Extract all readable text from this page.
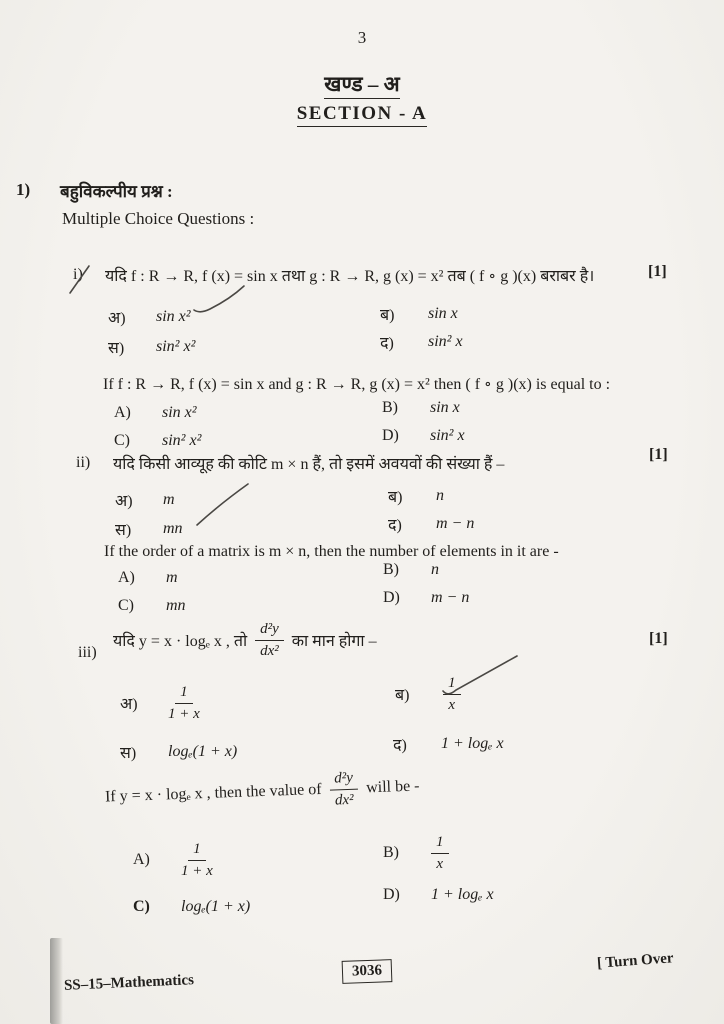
3
खण्ड – अ
SECTION - A
1) बहुविकल्पीय प्रश्न :
Multiple Choice Questions :
i) यदि f : R → R, f (x) = sin x तथा g : R → R, g (x) = x² तब ( f ∘ g )(x) बराबर है।	[1]
अ)	sin x²	ब)	sin x
स)	sin² x²	द)	sin² x
If f : R → R, f (x) = sin x and g : R → R, g (x) = x² then ( f ∘ g )(x) is equal to :
A)	sin x²	B)	sin x
C)	sin² x²	D)	sin² x
ii) यदि किसी आव्यूह की कोटि m × n हैं, तो इसमें अवयवों की संख्या हैं –
[1]
अ)	m	ब)	n
स)	mn	द)	m − n
If the order of a matrix is m × n, then the number of elements in it are -
A)	m	B)	n
C)	mn	D)	m − n
iii)
यदि y = x · logₑ x , तो $\frac{\text{d²y}}{\text{dx²}}$ का मान होगा –	[1]
अ)	$\frac{1}{1 + x}$	ब)	$\frac{1}{x}$
स)	logₑ(1 + x)	द)	1 + logₑ x
If y = x · logₑ x , then the value of $\frac{\text{d²y}}{\text{dx²}}$ will be -
A)	$\frac{1}{1 + x}$	B)	$\frac{1}{x}$
C)	logₑ(1 + x)
D)	1 + logₑ x
SS–15–Mathematics
3036	[ Turn Over
